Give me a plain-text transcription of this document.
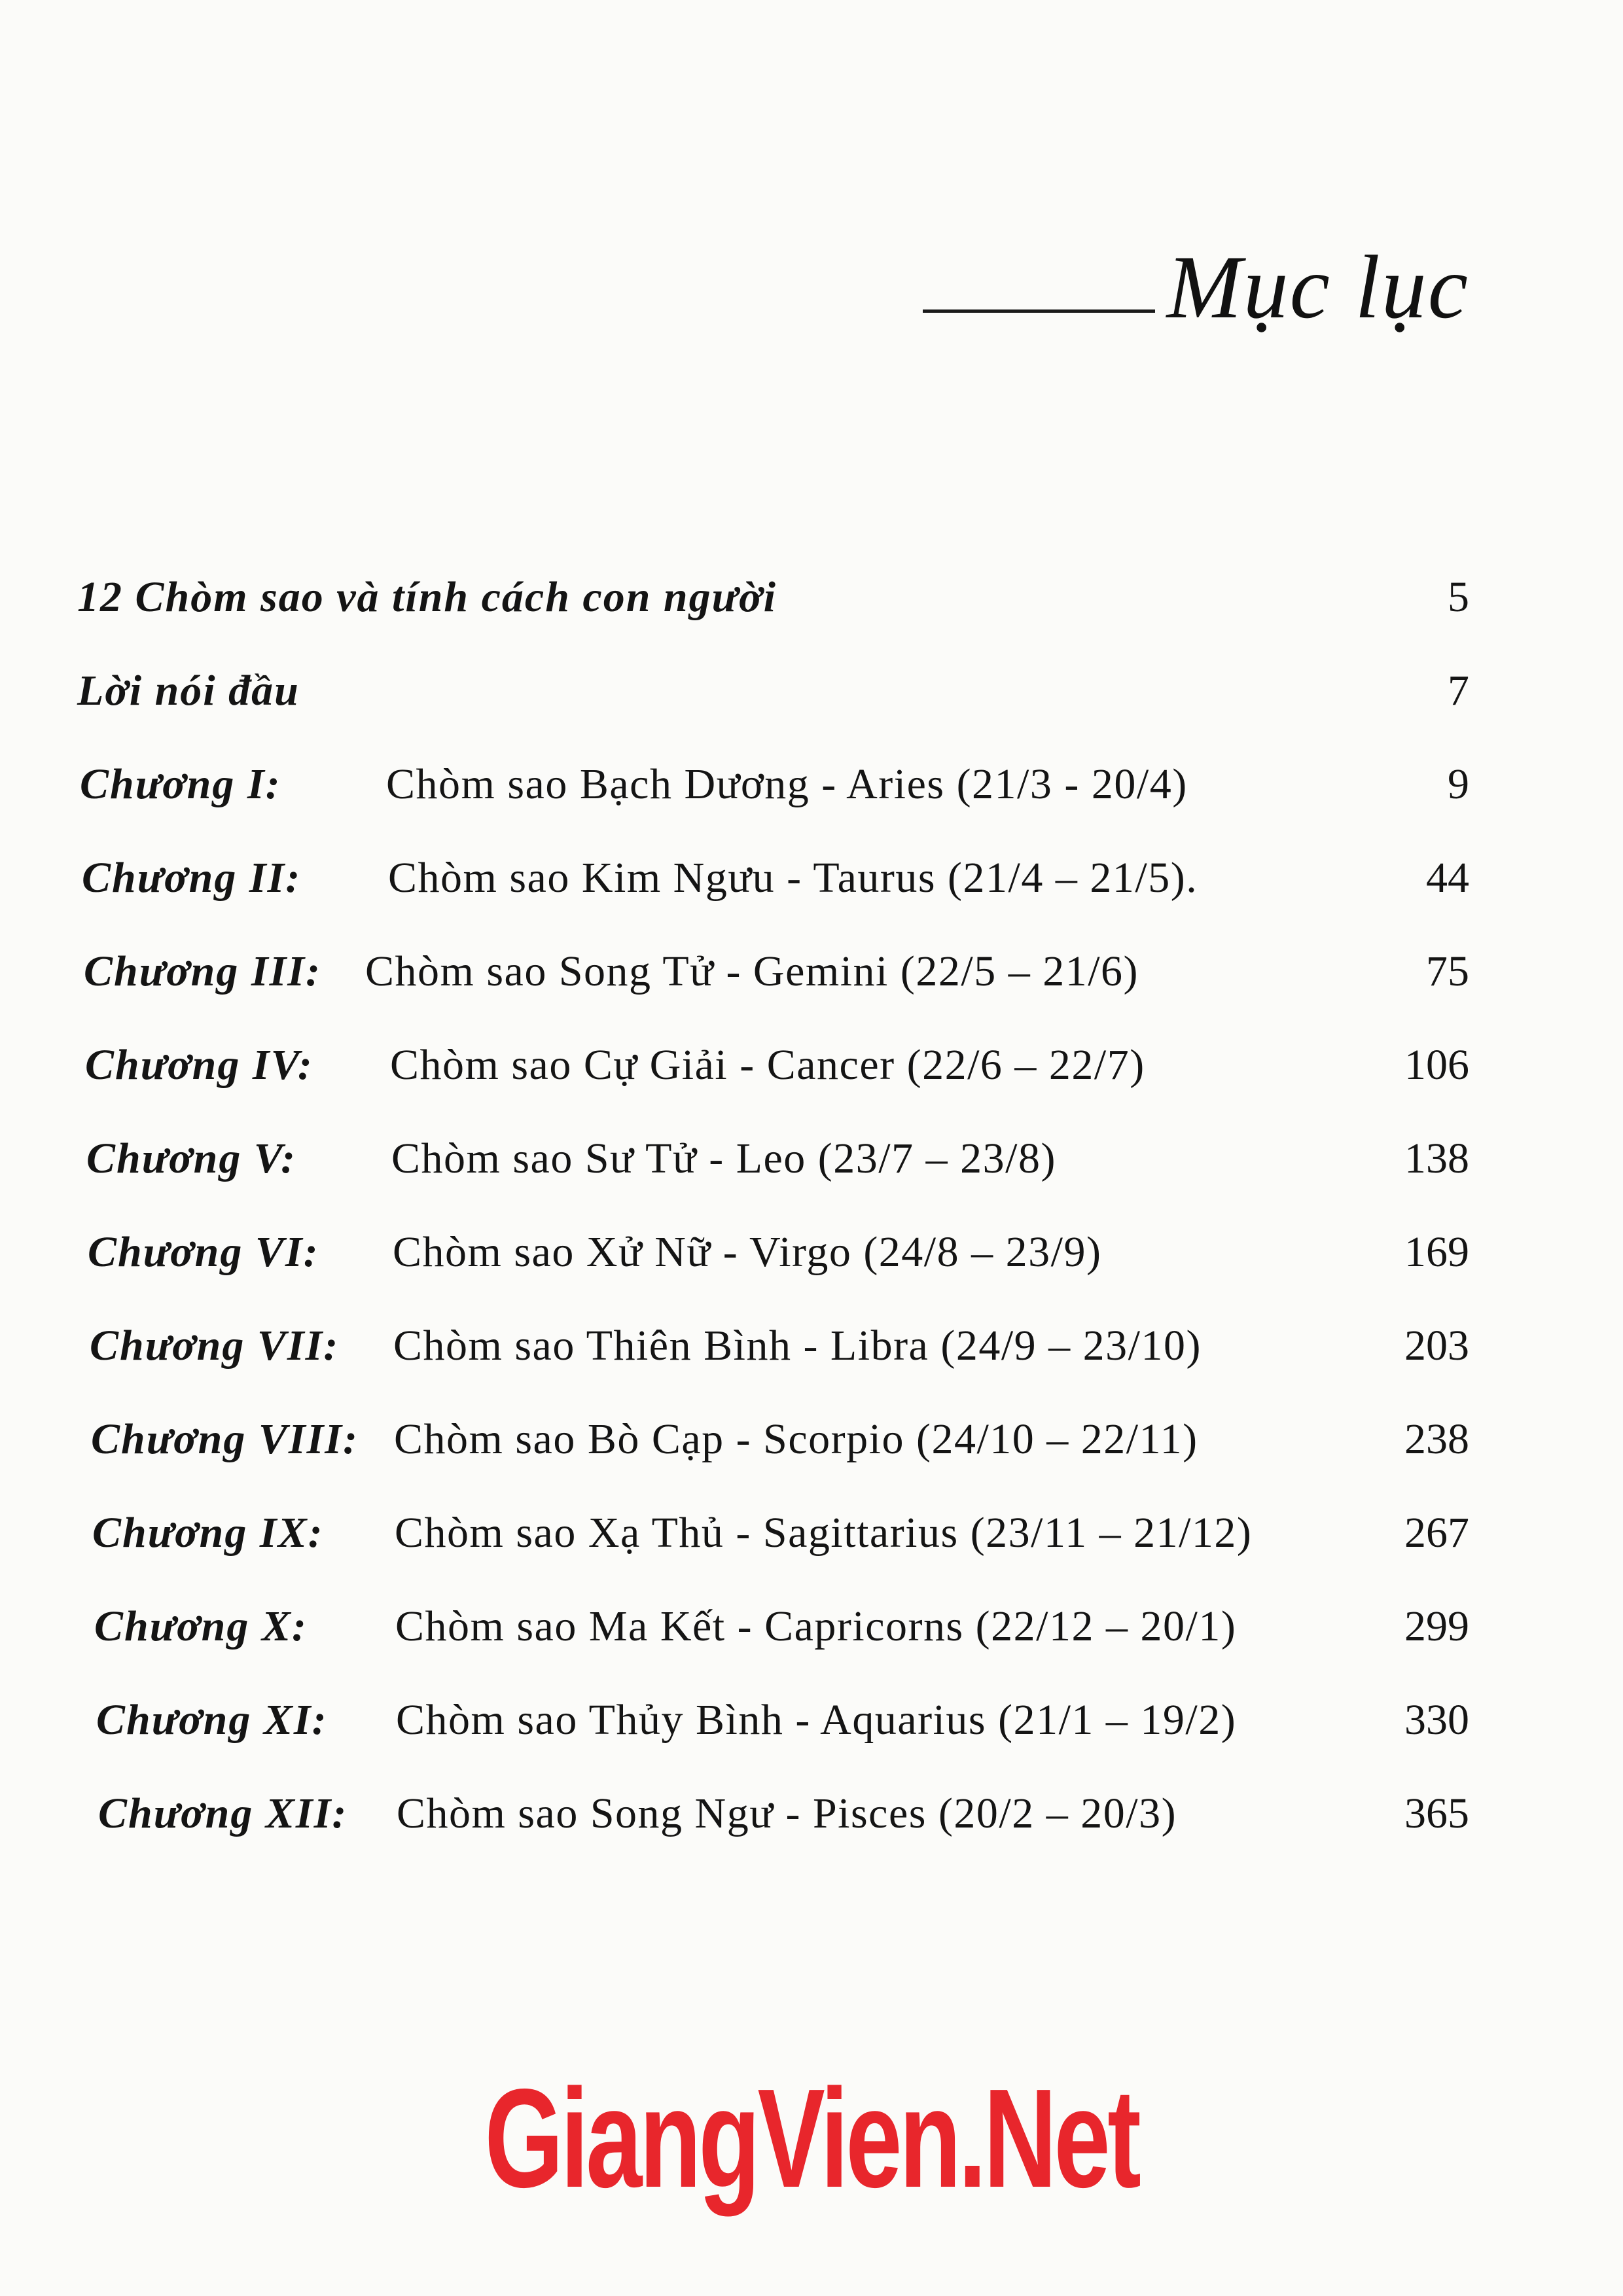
Mục lục
12 Chòm sao và tính cách con người	5
Lời nói đầu	7
Chương I: Chòm sao Bạch Dương - Aries (21/3 - 20/4)	9
Chương II: Chòm sao Kim Ngưu - Taurus (21/4 – 21/5).	44
Chương III: Chòm sao Song Tử - Gemini (22/5 – 21/6)	75
Chương IV: Chòm sao Cự Giải - Cancer (22/6 – 22/7)	106
Chương V: Chòm sao Sư Tử - Leo (23/7 – 23/8)	138
Chương VI: Chòm sao Xử Nữ - Virgo (24/8 – 23/9)	169
Chương VII: Chòm sao Thiên Bình - Libra (24/9 – 23/10)	203
Chương VIII: Chòm sao Bò Cạp - Scorpio (24/10 – 22/11)	238
Chương IX: Chòm sao Xạ Thủ - Sagittarius (23/11 – 21/12)	267
Chương X: Chòm sao Ma Kết - Capricorns (22/12 – 20/1)	299
Chương XI: Chòm sao Thủy Bình - Aquarius (21/1 – 19/2)	330
Chương XII: Chòm sao Song Ngư - Pisces (20/2 – 20/3)	365
GiangVien.Net
